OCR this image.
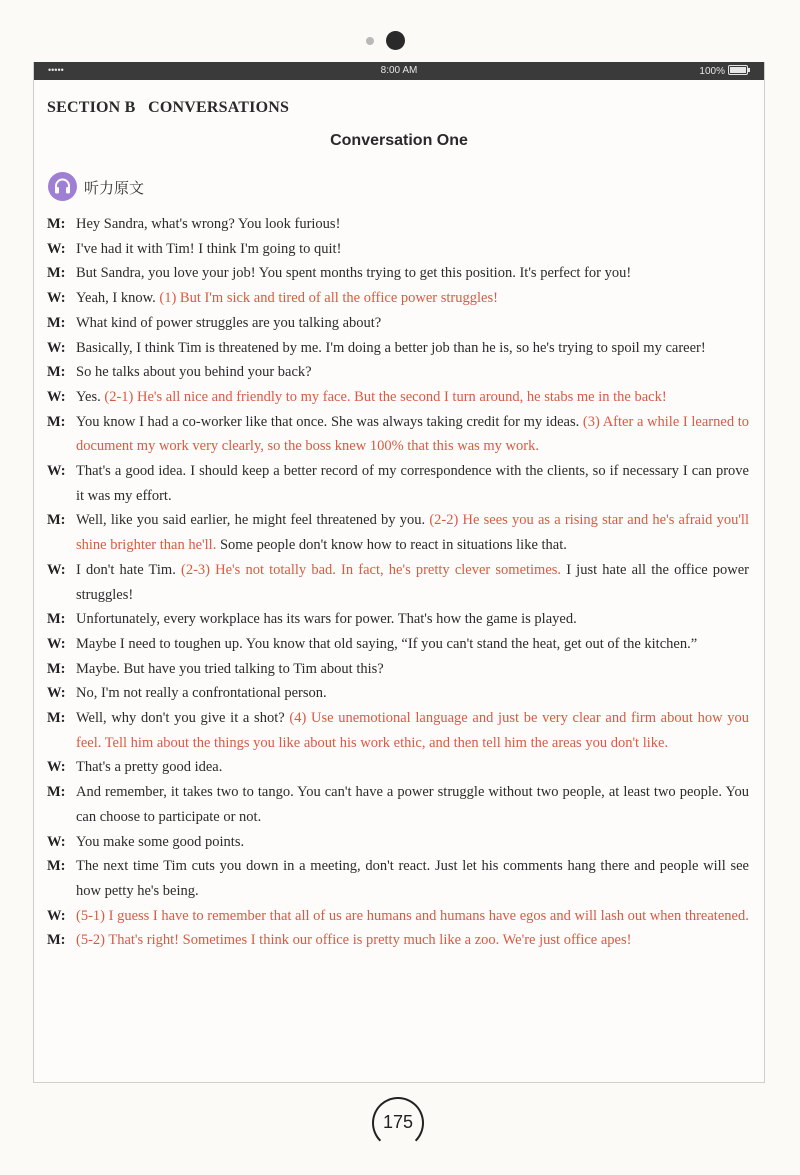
•••••	8:00 AM	100%
SECTION B   CONVERSATIONS
Conversation One
听力原文
M: Hey Sandra, what's wrong? You look furious!
W: I've had it with Tim! I think I'm going to quit!
M: But Sandra, you love your job! You spent months trying to get this position. It's perfect for you!
W: Yeah, I know. (1) But I'm sick and tired of all the office power struggles!
M: What kind of power struggles are you talking about?
W: Basically, I think Tim is threatened by me. I'm doing a better job than he is, so he's trying to spoil my career!
M: So he talks about you behind your back?
W: Yes. (2-1) He's all nice and friendly to my face. But the second I turn around, he stabs me in the back!
M: You know I had a co-worker like that once. She was always taking credit for my ideas. (3) After a while I learned to document my work very clearly, so the boss knew 100% that this was my work.
W: That's a good idea. I should keep a better record of my correspondence with the clients, so if necessary I can prove it was my effort.
M: Well, like you said earlier, he might feel threatened by you. (2-2) He sees you as a rising star and he's afraid you'll shine brighter than he'll. Some people don't know how to react in situations like that.
W: I don't hate Tim. (2-3) He's not totally bad. In fact, he's pretty clever sometimes. I just hate all the office power struggles!
M: Unfortunately, every workplace has its wars for power. That's how the game is played.
W: Maybe I need to toughen up. You know that old saying, “If you can't stand the heat, get out of the kitchen.”
M: Maybe. But have you tried talking to Tim about this?
W: No, I'm not really a confrontational person.
M: Well, why don't you give it a shot? (4) Use unemotional language and just be very clear and firm about how you feel. Tell him about the things you like about his work ethic, and then tell him the areas you don't like.
W: That's a pretty good idea.
M: And remember, it takes two to tango. You can't have a power struggle without two people, at least two people. You can choose to participate or not.
W: You make some good points.
M: The next time Tim cuts you down in a meeting, don't react. Just let his comments hang there and people will see how petty he's being.
W: (5-1) I guess I have to remember that all of us are humans and humans have egos and will lash out when threatened.
M: (5-2) That's right! Sometimes I think our office is pretty much like a zoo. We're just office apes!
175
